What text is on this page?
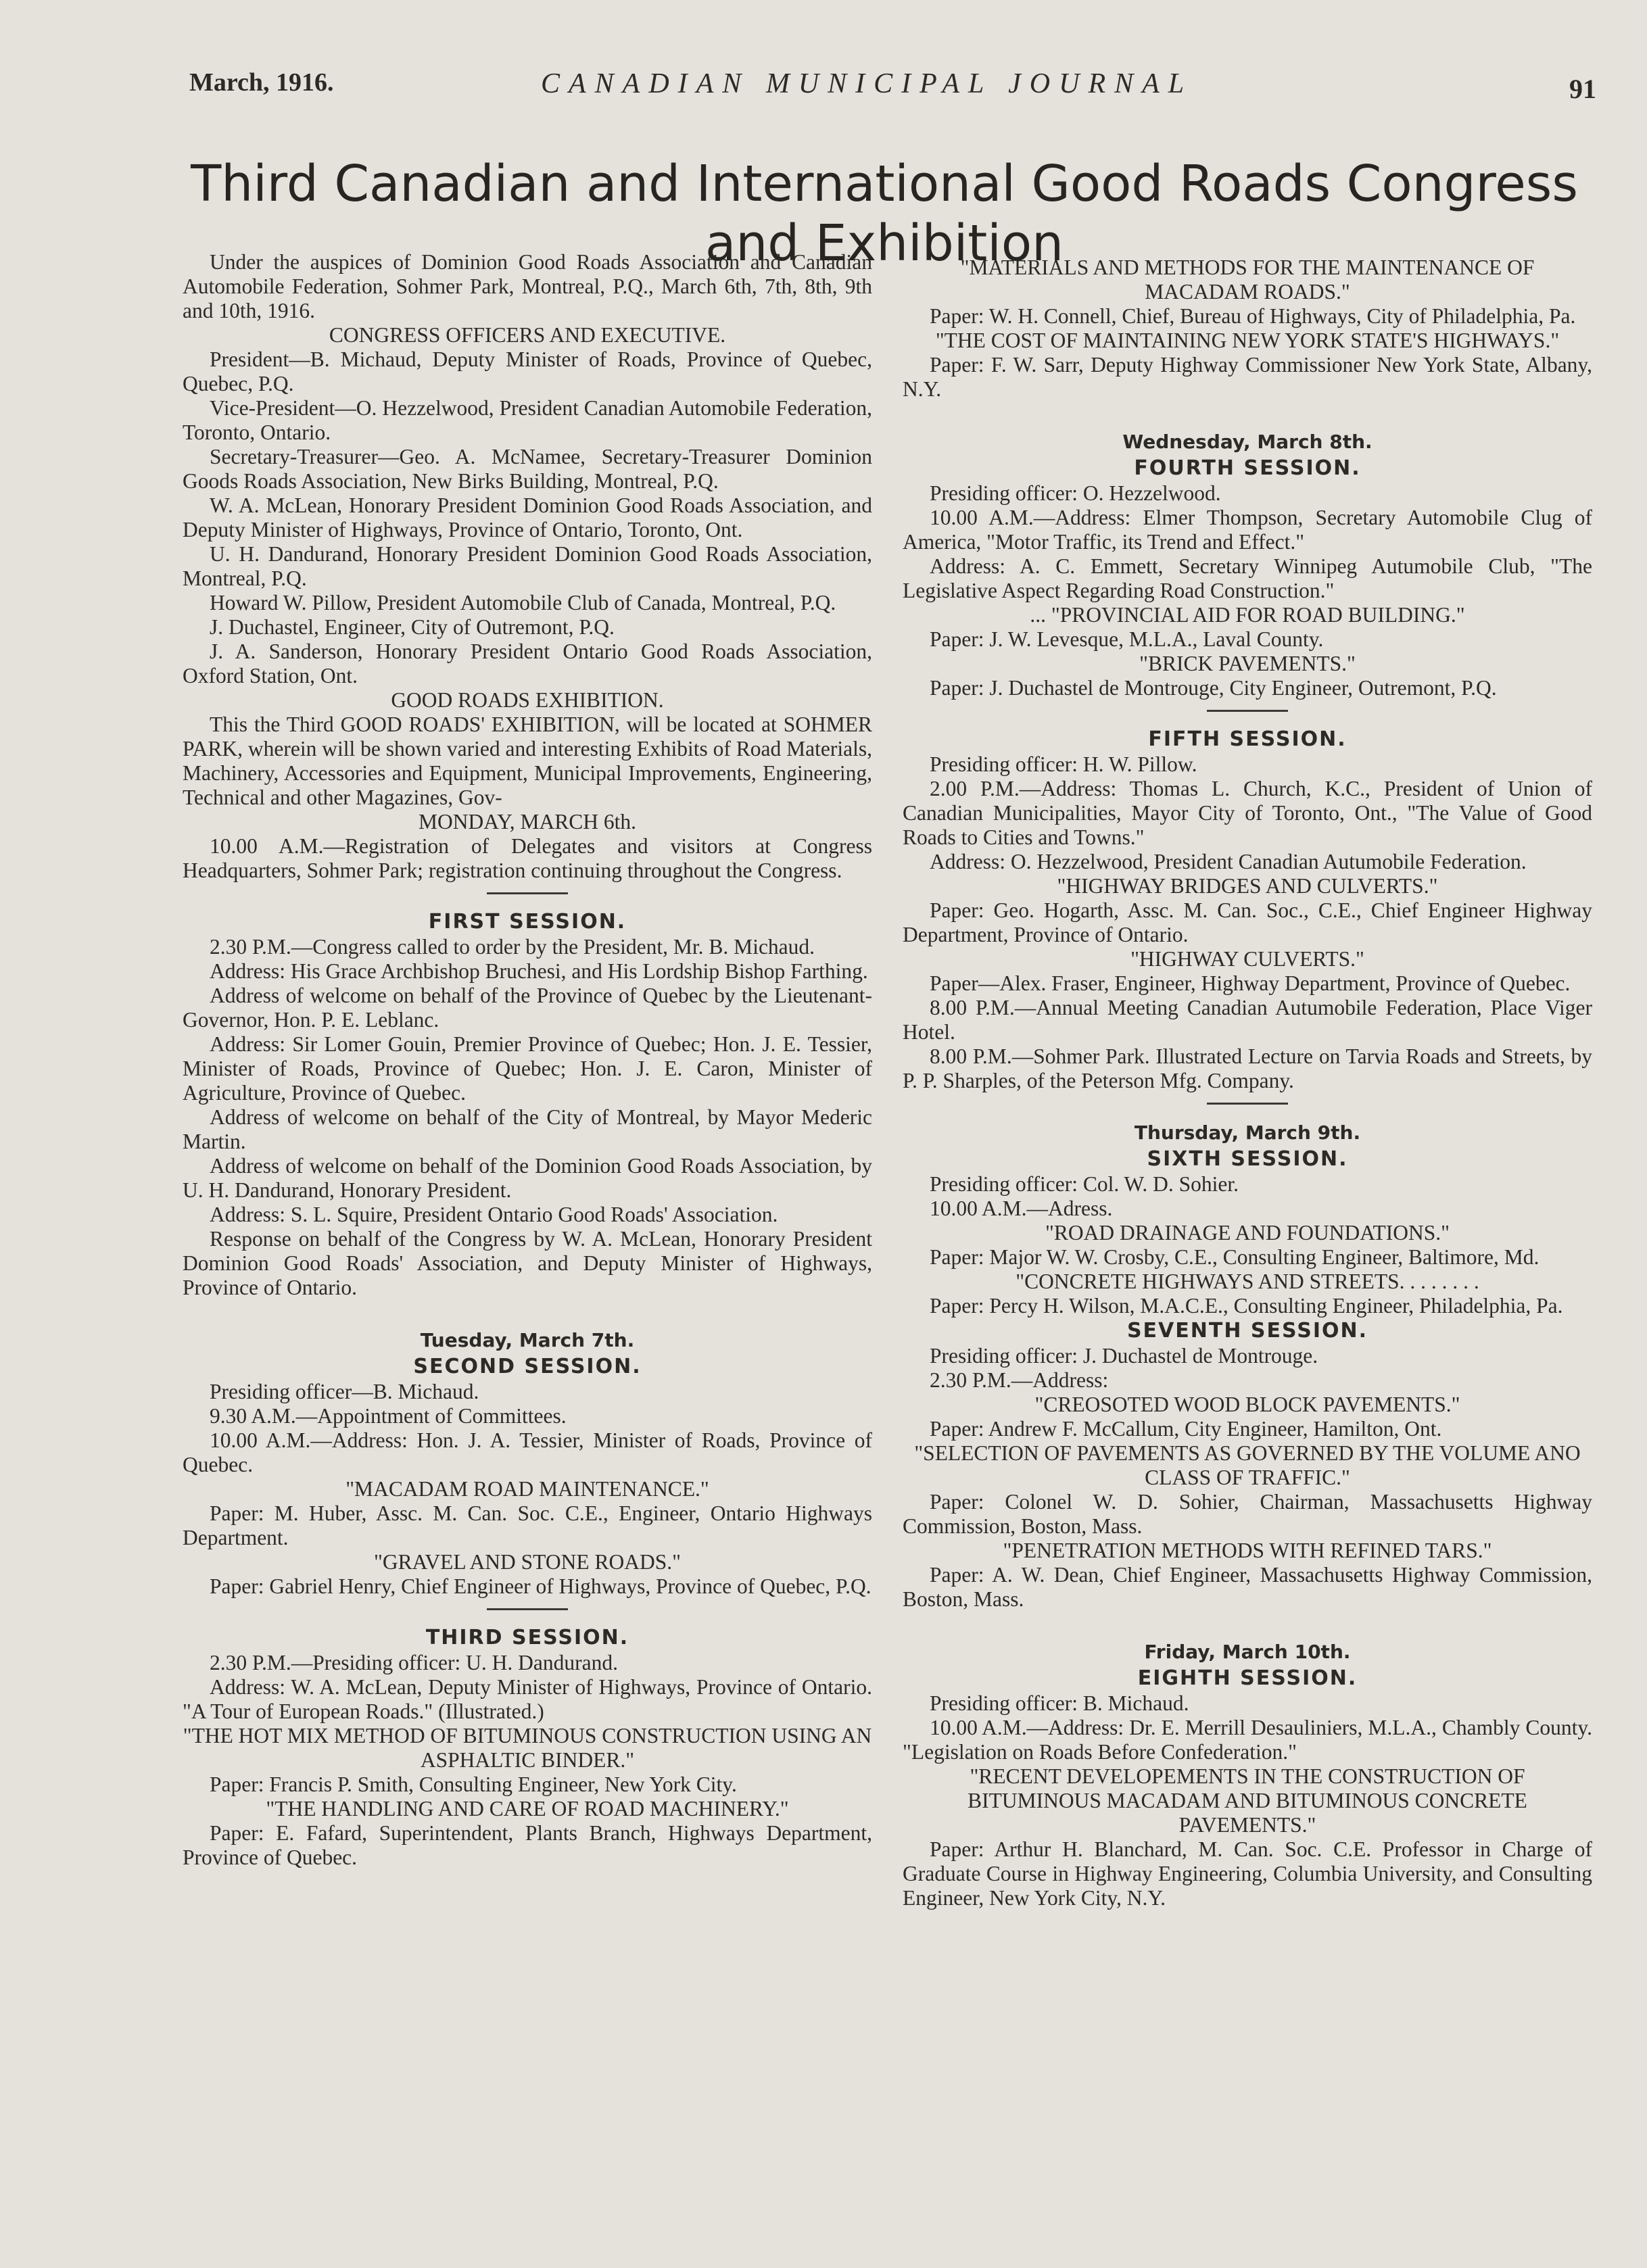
March, 1916.	CANADIAN MUNICIPAL JOURNAL	91
Third Canadian and International Good Roads Congress and Exhibition

Under the auspices of Dominion Good Roads Association and Canadian Automobile Federation, Sohmer Park, Montreal, P.Q., March 6th, 7th, 8th, 9th and 10th, 1916.

CONGRESS OFFICERS AND EXECUTIVE.

President—B. Michaud, Deputy Minister of Roads, Province of Quebec, Quebec, P.Q.

Vice-President—O. Hezzelwood, President Canadian Automobile Federation, Toronto, Ontario.

Secretary-Treasurer—Geo. A. McNamee, Secretary-Treasurer Dominion Goods Roads Association, New Birks Building, Montreal, P.Q.

W. A. McLean, Honorary President Dominion Good Roads Association, and Deputy Minister of Highways, Province of Ontario, Toronto, Ont.

U. H. Dandurand, Honorary President Dominion Good Roads Association, Montreal, P.Q.

Howard W. Pillow, President Automobile Club of Canada, Montreal, P.Q.

J. Duchastel, Engineer, City of Outremont, P.Q.

J. A. Sanderson, Honorary President Ontario Good Roads Association, Oxford Station, Ont.

GOOD ROADS EXHIBITION.

This the Third GOOD ROADS' EXHIBITION, will be located at SOHMER PARK, wherein will be shown varied and interesting Exhibits of Road Materials, Machinery, Accessories and Equipment, Municipal Improvements, Engineering, Technical and other Magazines, Gov-

MONDAY, MARCH 6th.

10.00 A.M.—Registration of Delegates and visitors at Congress Headquarters, Sohmer Park; registration continuing throughout the Congress.

FIRST SESSION.

2.30 P.M.—Congress called to order by the President, Mr. B. Michaud.

Address: His Grace Archbishop Bruchesi, and His Lordship Bishop Farthing.

Address of welcome on behalf of the Province of Quebec by the Lieutenant-Governor, Hon. P. E. Leblanc.

Address: Sir Lomer Gouin, Premier Province of Quebec; Hon. J. E. Tessier, Minister of Roads, Province of Quebec; Hon. J. E. Caron, Minister of Agriculture, Province of Quebec.

Address of welcome on behalf of the City of Montreal, by Mayor Mederic Martin.

Address of welcome on behalf of the Dominion Good Roads Association, by U. H. Dandurand, Honorary President.

Address: S. L. Squire, President Ontario Good Roads' Association.

Response on behalf of the Congress by W. A. McLean, Honorary President Dominion Good Roads' Association, and Deputy Minister of Highways, Province of Ontario.

Tuesday, March 7th.

SECOND SESSION.

Presiding officer—B. Michaud.

9.30 A.M.—Appointment of Committees.

10.00 A.M.—Address: Hon. J. A. Tessier, Minister of Roads, Province of Quebec.

"MACADAM ROAD MAINTENANCE."

Paper: M. Huber, Assc. M. Can. Soc. C.E., Engineer, Ontario Highways Department.

"GRAVEL AND STONE ROADS."

Paper: Gabriel Henry, Chief Engineer of Highways, Province of Quebec, P.Q.

THIRD SESSION.

2.30 P.M.—Presiding officer: U. H. Dandurand.

Address: W. A. McLean, Deputy Minister of Highways, Province of Ontario. "A Tour of European Roads." (Illustrated.)

"THE HOT MIX METHOD OF BITUMINOUS CONSTRUCTION USING AN ASPHALTIC BINDER."

Paper: Francis P. Smith, Consulting Engineer, New York City.

"THE HANDLING AND CARE OF ROAD MACHINERY."

Paper: E. Fafard, Superintendent, Plants Branch, Highways Department, Province of Quebec.

"MATERIALS AND METHODS FOR THE MAINTENANCE OF MACADAM ROADS."

Paper: W. H. Connell, Chief, Bureau of Highways, City of Philadelphia, Pa.

"THE COST OF MAINTAINING NEW YORK STATE'S HIGHWAYS."

Paper: F. W. Sarr, Deputy Highway Commissioner New York State, Albany, N.Y.

Wednesday, March 8th.

FOURTH SESSION.

Presiding officer: O. Hezzelwood.

10.00 A.M.—Address: Elmer Thompson, Secretary Automobile Clug of America, "Motor Traffic, its Trend and Effect."

Address: A. C. Emmett, Secretary Winnipeg Autumobile Club, "The Legislative Aspect Regarding Road Construction."

... "PROVINCIAL AID FOR ROAD BUILDING."

Paper: J. W. Levesque, M.L.A., Laval County.

"BRICK PAVEMENTS."

Paper: J. Duchastel de Montrouge, City Engineer, Outremont, P.Q.

FIFTH SESSION.

Presiding officer: H. W. Pillow.

2.00 P.M.—Address: Thomas L. Church, K.C., President of Union of Canadian Municipalities, Mayor City of Toronto, Ont., "The Value of Good Roads to Cities and Towns."

Address: O. Hezzelwood, President Canadian Autumobile Federation.

"HIGHWAY BRIDGES AND CULVERTS."

Paper: Geo. Hogarth, Assc. M. Can. Soc., C.E., Chief Engineer Highway Department, Province of Ontario.

"HIGHWAY CULVERTS."

Paper—Alex. Fraser, Engineer, Highway Department, Province of Quebec.

8.00 P.M.—Annual Meeting Canadian Autumobile Federation, Place Viger Hotel.

8.00 P.M.—Sohmer Park. Illustrated Lecture on Tarvia Roads and Streets, by P. P. Sharples, of the Peterson Mfg. Company.

Thursday, March 9th.

SIXTH SESSION.

Presiding officer: Col. W. D. Sohier.

10.00 A.M.—Adress.

"ROAD DRAINAGE AND FOUNDATIONS."

Paper: Major W. W. Crosby, C.E., Consulting Engineer, Baltimore, Md.

"CONCRETE HIGHWAYS AND STREETS. . . . . . . .

Paper: Percy H. Wilson, M.A.C.E., Consulting Engineer, Philadelphia, Pa.

SEVENTH SESSION.

Presiding officer: J. Duchastel de Montrouge.

2.30 P.M.—Address:

"CREOSOTED WOOD BLOCK PAVEMENTS."

Paper: Andrew F. McCallum, City Engineer, Hamilton, Ont.

"SELECTION OF PAVEMENTS AS GOVERNED BY THE VOLUME ANO CLASS OF TRAFFIC."

Paper: Colonel W. D. Sohier, Chairman, Massachusetts Highway Commission, Boston, Mass.

"PENETRATION METHODS WITH REFINED TARS."

Paper: A. W. Dean, Chief Engineer, Massachusetts Highway Commission, Boston, Mass.

Friday, March 10th.

EIGHTH SESSION.

Presiding officer: B. Michaud.

10.00 A.M.—Address: Dr. E. Merrill Desauliniers, M.L.A., Chambly County. "Legislation on Roads Before Confederation."

"RECENT DEVELOPEMENTS IN THE CONSTRUCTION OF BITUMINOUS MACADAM AND BITUMINOUS CONCRETE PAVEMENTS."

Paper: Arthur H. Blanchard, M. Can. Soc. C.E. Professor in Charge of Graduate Course in Highway Engineering, Columbia University, and Consulting Engineer, New York City, N.Y.
